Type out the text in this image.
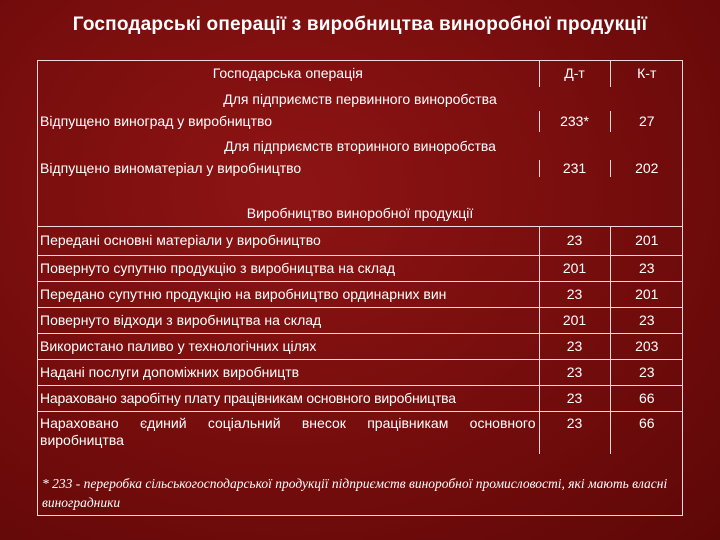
Господарські операції з виробництва виноробної продукції
Господарська операція	Д-т	К-т
Для підприємств первинного виноробства		
Відпущено виноград у виробництво	233*	27
Для підприємств вторинного виноробства		
Відпущено виноматеріал у виробництво	231	202
Виробництво виноробної продукції		
Передані основні матеріали у виробництво	23	201
Повернуто супутню продукцію з виробництва на склад	201	23
Передано супутню продукцію на виробництво ординарних вин	23	201
Повернуто відходи з виробництва на склад	201	23
Використано паливо у технологічних цілях	23	203
Надані послуги допоміжних виробництв	23	23
Нараховано заробітну плату працівникам основного виробництва	23	66
Нараховано єдиний соціальний внесок працівникам основного виробництва	23	66
* 233 - переробка сільськогосподарської продукції підприємств виноробної промисловості, які мають власні виноградники
